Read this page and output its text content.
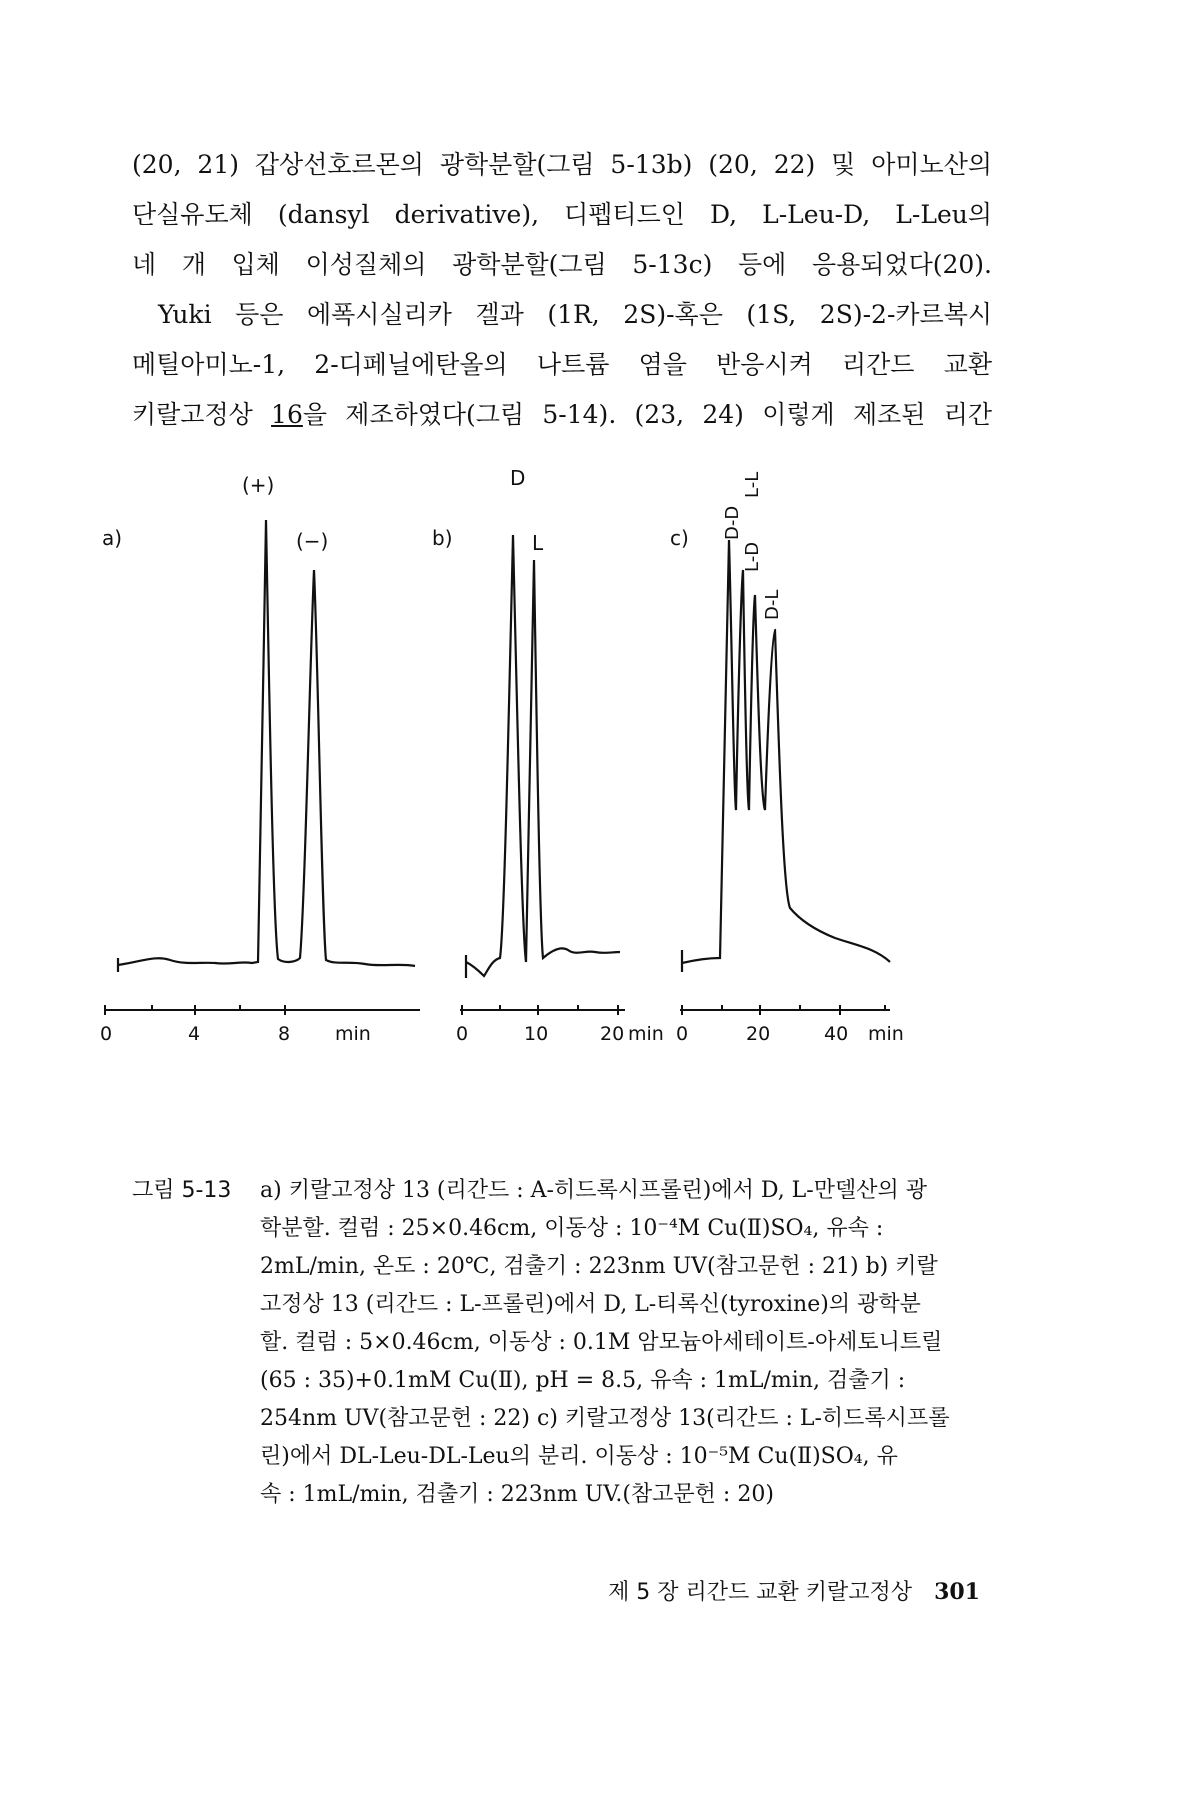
(20, 21) 갑상선호르몬의 광학분할(그림 5-13b) (20, 22) 및 아미노산의
단실유도체 (dansyl derivative), 디펩티드인 D, L-Leu-D, L-Leu의
네 개 입체 이성질체의 광학분할(그림 5-13c) 등에 응용되었다(20).
Yuki 등은 에폭시실리카 겔과 (1R, 2S)-혹은 (1S, 2S)-2-카르복시
메틸아미노-1, 2-디페닐에탄올의 나트륨 염을 반응시켜 리간드 교환
키랄고정상 16을 제조하였다(그림 5-14). (23, 24) 이렇게 제조된 리간

a)
(+)
(−)
0	4	8 min
b)
D
L
0	10	20 min
c) D-D
L-D
L-L
D-L
0	20	40 min
그림 5-13 a) 키랄고정상 13 (리간드 : A-히드록시프롤린)에서 D, L-만델산의 광
학분할. 컬럼 : 25×0.46cm, 이동상 : 10⁻⁴M Cu(Ⅱ)SO₄, 유속 :
2mL/min, 온도 : 20℃, 검출기 : 223nm UV(참고문헌 : 21) b) 키랄
고정상 13 (리간드 : L-프롤린)에서 D, L-티록신(tyroxine)의 광학분
할. 컬럼 : 5×0.46cm, 이동상 : 0.1M 암모늄아세테이트-아세토니트릴
(65 : 35)+0.1mM Cu(Ⅱ), pH = 8.5, 유속 : 1mL/min, 검출기 :
254nm UV(참고문헌 : 22) c) 키랄고정상 13(리간드 : L-히드록시프롤
린)에서 DL-Leu-DL-Leu의 분리. 이동상 : 10⁻⁵M Cu(Ⅱ)SO₄, 유
속 : 1mL/min, 검출기 : 223nm UV.(참고문헌 : 20)
제 5 장 리간드 교환 키랄고정상 301
